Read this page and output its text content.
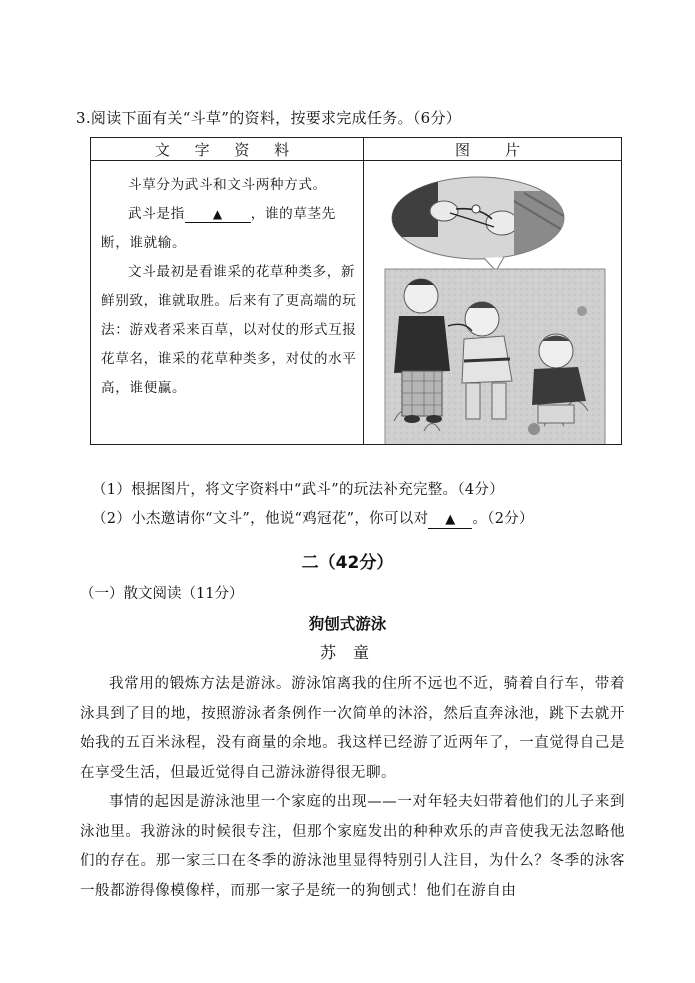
3.阅读下面有关“斗草”的资料，按要求完成任务。（6分）
文 字 资 料	图　片

斗草分为武斗和文斗两种方式。

武斗是指 ▲ ，谁的草茎先断，谁就输。

文斗最初是看谁采的花草种类多，新鲜别致，谁就取胜。后来有了更高端的玩法：游戏者采来百草，以对仗的形式互报花草名，谁采的花草种类多，对仗的水平高，谁便赢。

（1）根据图片，将文字资料中“武斗”的玩法补充完整。（4分）
（2）小杰邀请你“文斗”，他说“鸡冠花”，你可以对 ▲ 。（2分）
二（42分）
（一）散文阅读（11分）
狗刨式游泳
苏 童

我常用的锻炼方法是游泳。游泳馆离我的住所不远也不近，骑着自行车，带着泳具到了目的地，按照游泳者条例作一次简单的沐浴，然后直奔泳池，跳下去就开始我的五百米泳程，没有商量的余地。我这样已经游了近两年了，一直觉得自己是在享受生活，但最近觉得自己游泳游得很无聊。

事情的起因是游泳池里一个家庭的出现——一对年轻夫妇带着他们的儿子来到泳池里。我游泳的时候很专注，但那个家庭发出的种种欢乐的声音使我无法忽略他们的存在。那一家三口在冬季的游泳池里显得特别引人注目，为什么？冬季的泳客一般都游得像模像样，而那一家子是统一的狗刨式！他们在游自由
